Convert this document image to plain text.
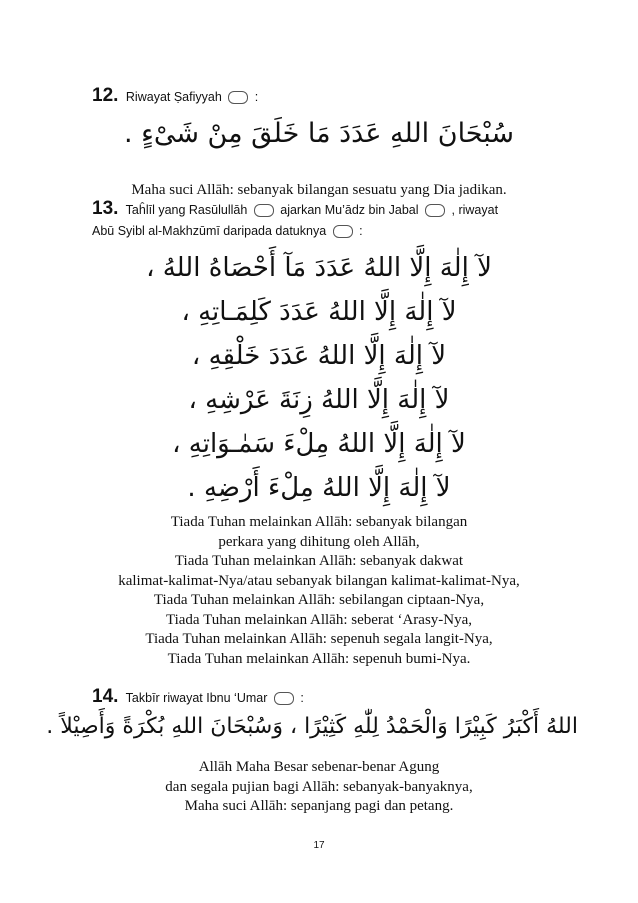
12. Riwayat Ṣafiyyah	:
سُبْحَانَ اللهِ عَدَدَ مَا خَلَقَ مِنْ شَىْءٍ .
Maha suci Allāh: sebanyak bilangan sesuatu yang Dia jadikan.
13. Taĥlīl yang Rasūlullāh	ajarkan Mu’ādz bin Jabal	, riwayat
Abū Syibl al-Makhzūmī daripada datuknya	:
لآ إِلٰهَ إِلَّا اللهُ عَدَدَ مَآ أَحْصَاهُ اللهُ ،
لآ إِلٰهَ إِلَّا اللهُ عَدَدَ كَلِمَـاتِهِ ،
لآ إِلٰهَ إِلَّا اللهُ عَدَدَ خَلْقِهِ ،
لآ إِلٰهَ إِلَّا اللهُ زِنَةَ عَرْشِهِ ،
لآ إِلٰهَ إِلَّا اللهُ مِلْءَ سَمٰـوَاتِهِ ،
لآ إِلٰهَ إِلَّا اللهُ مِلْءَ أَرْضِهِ .
Tiada Tuhan melainkan Allāh: sebanyak bilangan
perkara yang dihitung oleh Allāh,
Tiada Tuhan melainkan Allāh: sebanyak dakwat
kalimat-kalimat-Nya/atau sebanyak bilangan kalimat-kalimat-Nya,
Tiada Tuhan melainkan Allāh: sebilangan ciptaan-Nya,
Tiada Tuhan melainkan Allāh: seberat ‘Arasy-Nya,
Tiada Tuhan melainkan Allāh: sepenuh segala langit-Nya,
Tiada Tuhan melainkan Allāh: sepenuh bumi-Nya.
14. Takbīr riwayat Ibnu ‘Umar	:
اللهُ أَكْبَرُ كَبِيْرًا وَالْحَمْدُ لِلّٰهِ كَثِيْرًا ، وَسُبْحَانَ اللهِ بُكْرَةً وَأَصِيْلاً .
Allāh Maha Besar sebenar-benar Agung
dan segala pujian bagi Allāh: sebanyak-banyaknya,
Maha suci Allāh: sepanjang pagi dan petang.
17
